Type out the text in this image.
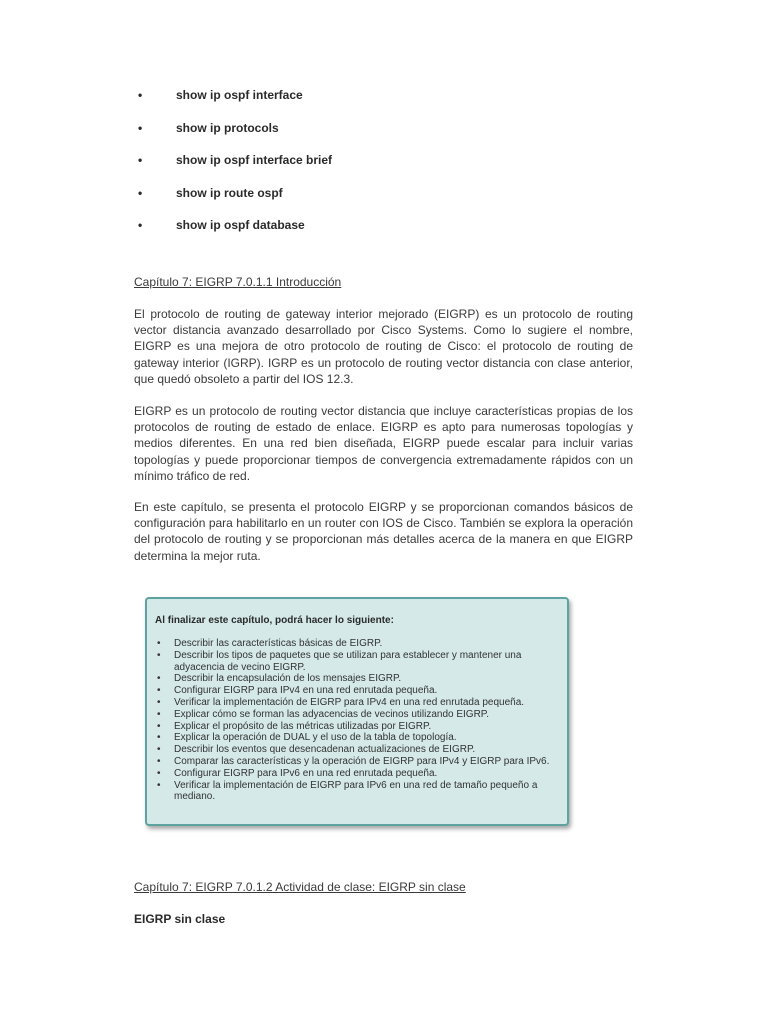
•	show ip ospf interface
•	show ip protocols
•	show ip ospf interface brief
•	show ip route ospf
•	show ip ospf database
Capítulo 7: EIGRP 7.0.1.1 Introducción

El protocolo de routing de gateway interior mejorado (EIGRP) es un protocolo de routing vector distancia avanzado desarrollado por Cisco Systems. Como lo sugiere el nombre, EIGRP es una mejora de otro protocolo de routing de Cisco: el protocolo de routing de gateway interior (IGRP). IGRP es un protocolo de routing vector distancia con clase anterior, que quedó obsoleto a partir del IOS 12.3.

EIGRP es un protocolo de routing vector distancia que incluye características propias de los protocolos de routing de estado de enlace. EIGRP es apto para numerosas topologías y medios diferentes. En una red bien diseñada, EIGRP puede escalar para incluir varias topologías y puede proporcionar tiempos de convergencia extremadamente rápidos con un mínimo tráfico de red.

En este capítulo, se presenta el protocolo EIGRP y se proporcionan comandos básicos de configuración para habilitarlo en un router con IOS de Cisco. También se explora la operación del protocolo de routing y se proporcionan más detalles acerca de la manera en que EIGRP determina la mejor ruta.

Al finalizar este capítulo, podrá hacer lo siguiente:
• Describir las características básicas de EIGRP.
• Describir los tipos de paquetes que se utilizan para establecer y mantener una adyacencia de vecino EIGRP.
• Describir la encapsulación de los mensajes EIGRP.
• Configurar EIGRP para IPv4 en una red enrutada pequeña.
• Verificar la implementación de EIGRP para IPv4 en una red enrutada pequeña.
• Explicar cómo se forman las adyacencias de vecinos utilizando EIGRP.
• Explicar el propósito de las métricas utilizadas por EIGRP.
• Explicar la operación de DUAL y el uso de la tabla de topología.
• Describir los eventos que desencadenan actualizaciones de EIGRP.
• Comparar las características y la operación de EIGRP para IPv4 y EIGRP para IPv6.
• Configurar EIGRP para IPv6 en una red enrutada pequeña.
• Verificar la implementación de EIGRP para IPv6 en una red de tamaño pequeño a mediano.
Capítulo 7: EIGRP 7.0.1.2 Actividad de clase: EIGRP sin clase
EIGRP sin clase
